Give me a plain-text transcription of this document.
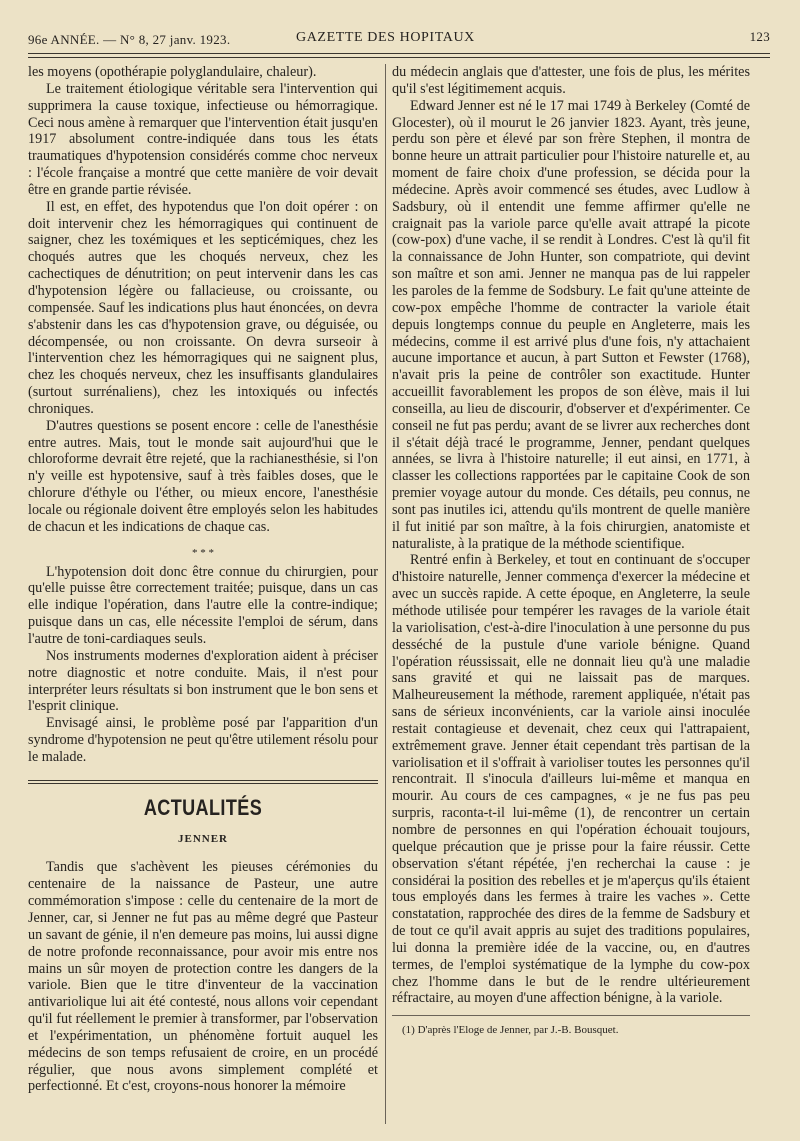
96e ANNÉE. — N° 8, 27 janv. 1923.	GAZETTE DES HOPITAUX	123

les moyens (opothérapie polyglandulaire, chaleur).

Le traitement étiologique véritable sera l'intervention qui supprimera la cause toxique, infectieuse ou hémorragique. Ceci nous amène à remarquer que l'intervention était jusqu'en 1917 absolument contre-indiquée dans tous les états traumatiques d'hypotension considérés comme choc nerveux : l'école française a montré que cette manière de voir devait être en grande partie révisée.

Il est, en effet, des hypotendus que l'on doit opérer : on doit intervenir chez les hémorragiques qui continuent de saigner, chez les toxémiques et les septicémiques, chez les choqués autres que les choqués nerveux, chez les cachectiques de dénutrition; on peut intervenir dans les cas d'hypotension légère ou fallacieuse, ou croissante, ou compensée. Sauf les indications plus haut énoncées, on devra s'abstenir dans les cas d'hypotension grave, ou déguisée, ou décompensée, ou non croissante. On devra surseoir à l'intervention chez les hémorragiques qui ne saignent plus, chez les choqués nerveux, chez les insuffisants glandulaires (surtout surrénaliens), chez les intoxiqués ou infectés chroniques.

D'autres questions se posent encore : celle de l'anesthésie entre autres. Mais, tout le monde sait aujourd'hui que le chloroforme devrait être rejeté, que la rachianesthésie, si l'on n'y veille est hypotensive, sauf à très faibles doses, que le chlorure d'éthyle ou l'éther, ou mieux encore, l'anesthésie locale ou régionale doivent être employés selon les habitudes de chacun et les indications de chaque cas.

* * *

L'hypotension doit donc être connue du chirurgien, pour qu'elle puisse être correctement traitée; puisque, dans un cas elle indique l'opération, dans l'autre elle la contre-indique; puisque dans un cas, elle nécessite l'emploi de sérum, dans l'autre de toni-cardiaques seuls.

Nos instruments modernes d'exploration aident à préciser notre diagnostic et notre conduite. Mais, il n'est pour interpréter leurs résultats si bon instrument que le bon sens et l'esprit clinique.

Envisagé ainsi, le problème posé par l'apparition d'un syndrome d'hypotension ne peut qu'être utilement résolu pour le malade.

ACTUALITÉS
JENNER

Tandis que s'achèvent les pieuses cérémonies du centenaire de la naissance de Pasteur, une autre commémoration s'impose : celle du centenaire de la mort de Jenner, car, si Jenner ne fut pas au même degré que Pasteur un savant de génie, il n'en demeure pas moins, lui aussi digne de notre profonde reconnaissance, pour avoir mis entre nos mains un sûr moyen de protection contre les dangers de la variole. Bien que le titre d'inventeur de la vaccination antivariolique lui ait été contesté, nous allons voir cependant qu'il fut réellement le premier à transformer, par l'observation et l'expérimentation, un phénomène fortuit auquel les médecins de son temps refusaient de croire, en un procédé régulier, que nous avons simplement complété et perfectionné. Et c'est, croyons-nous honorer la mémoire

du médecin anglais que d'attester, une fois de plus, les mérites qu'il s'est légitimement acquis.

Edward Jenner est né le 17 mai 1749 à Berkeley (Comté de Glocester), où il mourut le 26 janvier 1823. Ayant, très jeune, perdu son père et élevé par son frère Stephen, il montra de bonne heure un attrait particulier pour l'histoire naturelle et, au moment de faire choix d'une profession, se décida pour la médecine. Après avoir commencé ses études, avec Ludlow à Sadsbury, où il entendit une femme affirmer qu'elle ne craignait pas la variole parce qu'elle avait attrapé la picote (cow-pox) d'une vache, il se rendit à Londres. C'est là qu'il fit la connaissance de John Hunter, son compatriote, qui devint son maître et son ami. Jenner ne manqua pas de lui rappeler les paroles de la femme de Sodsbury. Le fait qu'une atteinte de cow-pox empêche l'homme de contracter la variole était depuis longtemps connue du peuple en Angleterre, mais les médecins, comme il est arrivé plus d'une fois, n'y attachaient aucune importance et aucun, à part Sutton et Fewster (1768), n'avait pris la peine de contrôler son exactitude. Hunter accueillit favorablement les propos de son élève, mais il lui conseilla, au lieu de discourir, d'observer et d'expérimenter. Ce conseil ne fut pas perdu; avant de se livrer aux recherches dont il s'était déjà tracé le programme, Jenner, pendant quelques années, se livra à l'histoire naturelle; il eut ainsi, en 1771, à classer les collections rapportées par le capitaine Cook de son premier voyage autour du monde. Ces détails, peu connus, ne sont pas inutiles ici, attendu qu'ils montrent de quelle manière il fut initié par son maître, à la fois chirurgien, anatomiste et naturaliste, à la pratique de la méthode scientifique.

Rentré enfin à Berkeley, et tout en continuant de s'occuper d'histoire naturelle, Jenner commença d'exercer la médecine et avec un succès rapide. A cette époque, en Angleterre, la seule méthode utilisée pour tempérer les ravages de la variole était la variolisation, c'est-à-dire l'inoculation à une personne du pus desséché de la pustule d'une variole bénigne. Quand l'opération réussissait, elle ne donnait lieu qu'à une maladie sans gravité et qui ne laissait pas de marques. Malheureusement la méthode, rarement appliquée, n'était pas sans de sérieux inconvénients, car la variole ainsi inoculée restait contagieuse et devenait, chez ceux qui l'attrapaient, extrêmement grave. Jenner était cependant très partisan de la variolisation et il s'offrait à varioliser toutes les personnes qu'il rencontrait. Il s'inocula d'ailleurs lui-même et manqua en mourir. Au cours de ces campagnes, « je ne fus pas peu surpris, raconta-t-il lui-même (1), de rencontrer un certain nombre de personnes en qui l'opération échouait toujours, quelque précaution que je prisse pour la faire réussir. Cette observation s'étant répétée, j'en recherchai la cause : je considérai la position des rebelles et je m'aperçus qu'ils étaient tous employés dans les fermes à traire les vaches ». Cette constatation, rapprochée des dires de la femme de Sadsbury et de tout ce qu'il avait appris au sujet des traditions populaires, lui donna la première idée de la vaccine, ou, en d'autres termes, de l'emploi systématique de la lymphe du cow-pox chez l'homme dans le but de le rendre ultérieurement réfractaire, au moyen d'une affection bénigne, à la variole.

(1) D'après l'Eloge de Jenner, par J.-B. Bousquet.
